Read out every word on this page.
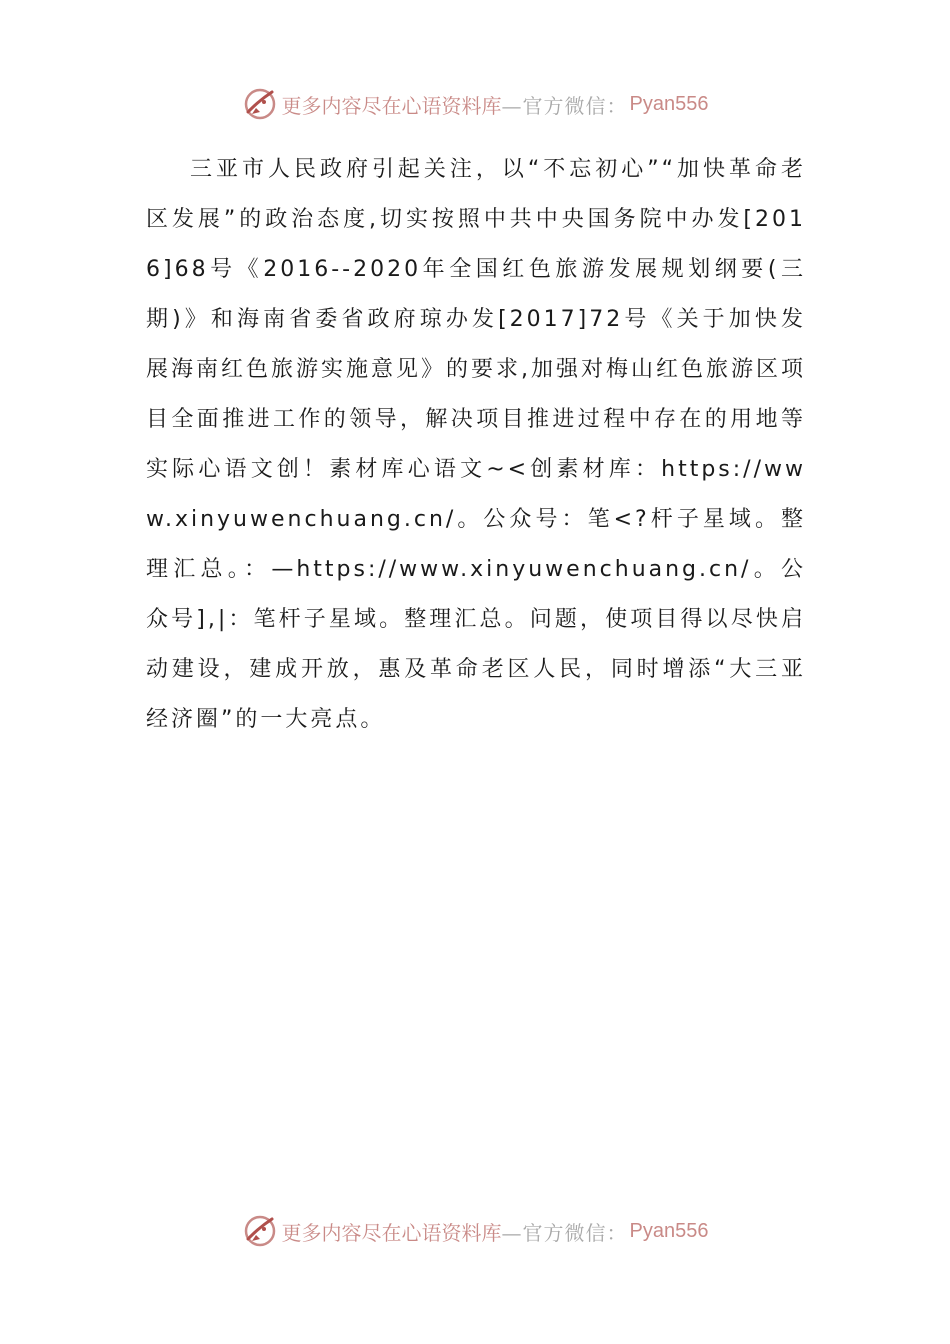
更多内容尽在心语资料库 —官方微信： Pyan556
三亚市人民政府引起关注，以“不忘初心”“加快革命老区发展”的政治态度,切实按照中共中央国务院中办发[2016]68号《2016--2020年全国红色旅游发展规划纲要(三期)》和海南省委省政府琼办发[2017]72号《关于加快发展海南红色旅游实施意见》的要求,加强对梅山红色旅游区项目全面推进工作的领导，解决项目推进过程中存在的用地等实际心语文创！素材库心语文~<创素材库：https://www.xinyuwenchuang.cn/。公众号：笔<?杆子星域。整理汇总。：—https://www.xinyuwenchuang.cn/。公众号],|：笔杆子星域。整理汇总。问题，使项目得以尽快启动建设，建成开放，惠及革命老区人民，同时增添“大三亚经济圈”的一大亮点。
更多内容尽在心语资料库 —官方微信： Pyan556
